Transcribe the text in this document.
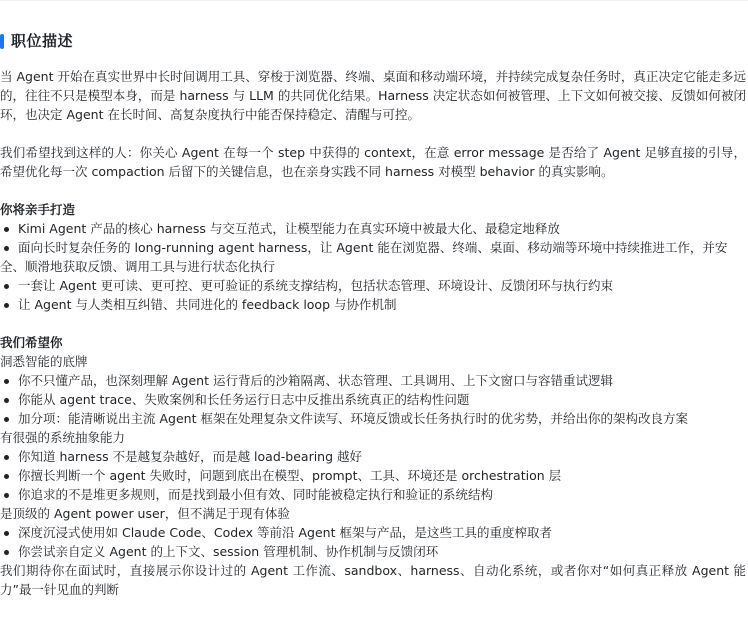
职位描述

当 Agent 开始在真实世界中长时间调用工具、穿梭于浏览器、终端、桌面和移动端环境，并持续完成复杂任务时，真正决定它能走多远的，往往不只是模型本身，而是 harness 与 LLM 的共同优化结果。Harness 决定状态如何被管理、上下文如何被交接、反馈如何被闭环，也决定 Agent 在长时间、高复杂度执行中能否保持稳定、清醒与可控。

我们希望找到这样的人：你关心 Agent 在每一个 step 中获得的 context，在意 error message 是否给了 Agent 足够直接的引导，希望优化每一次 compaction 后留下的关键信息，也在亲身实践不同 harness 对模型 behavior 的真实影响。

你将亲手打造

Kimi Agent 产品的核心 harness 与交互范式，让模型能力在真实环境中被最大化、最稳定地释放
面向长时复杂任务的 long-running agent harness，让 Agent 能在浏览器、终端、桌面、移动端等环境中持续推进工作，并安全、顺滑地获取反馈、调用工具与进行状态化执行
一套让 Agent 更可读、更可控、更可验证的系统支撑结构，包括状态管理、环境设计、反馈闭环与执行约束
让 Agent 与人类相互纠错、共同进化的 feedback loop 与协作机制

我们希望你

洞悉智能的底牌

你不只懂产品，也深刻理解 Agent 运行背后的沙箱隔离、状态管理、工具调用、上下文窗口与容错重试逻辑
你能从 agent trace、失败案例和长任务运行日志中反推出系统真正的结构性问题
加分项：能清晰说出主流 Agent 框架在处理复杂文件读写、环境反馈或长任务执行时的优劣势，并给出你的架构改良方案

有很强的系统抽象能力

你知道 harness 不是越复杂越好，而是越 load-bearing 越好
你擅长判断一个 agent 失败时，问题到底出在模型、prompt、工具、环境还是 orchestration 层
你追求的不是堆更多规则，而是找到最小但有效、同时能被稳定执行和验证的系统结构

是顶级的 Agent power user，但不满足于现有体验

深度沉浸式使用如 Claude Code、Codex 等前沿 Agent 框架与产品，是这些工具的重度榨取者
你尝试亲自定义 Agent 的上下文、session 管理机制、协作机制与反馈闭环

我们期待你在面试时，直接展示你设计过的 Agent 工作流、sandbox、harness、自动化系统，或者你对“如何真正释放 Agent 能力”最一针见血的判断
